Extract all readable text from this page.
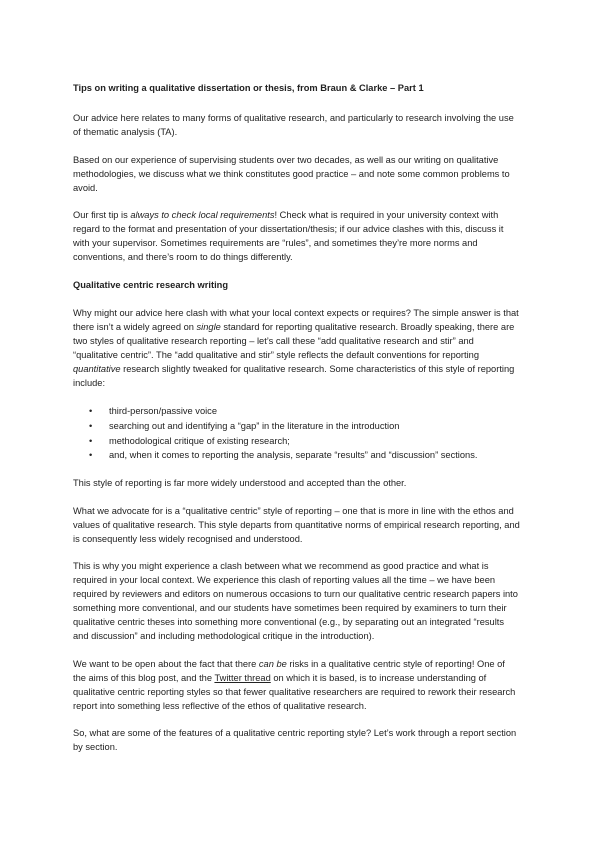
Tips on writing a qualitative dissertation or thesis, from Braun & Clarke – Part 1

Our advice here relates to many forms of qualitative research, and particularly to research involving the use of thematic analysis (TA).

Based on our experience of supervising students over two decades, as well as our writing on qualitative methodologies, we discuss what we think constitutes good practice – and note some common problems to avoid.

Our first tip is always to check local requirements! Check what is required in your university context with regard to the format and presentation of your dissertation/thesis; if our advice clashes with this, discuss it with your supervisor. Sometimes requirements are “rules”, and sometimes they’re more norms and conventions, and there’s room to do things differently.

Qualitative centric research writing

Why might our advice here clash with what your local context expects or requires? The simple answer is that there isn’t a widely agreed on single standard for reporting qualitative research. Broadly speaking, there are two styles of qualitative research reporting – let’s call these “add qualitative research and stir” and “qualitative centric”. The “add qualitative and stir” style reflects the default conventions for reporting quantitative research slightly tweaked for qualitative research. Some characteristics of this style of reporting include:

• third-person/passive voice
• searching out and identifying a “gap” in the literature in the introduction
• methodological critique of existing research;
• and, when it comes to reporting the analysis, separate “results” and “discussion” sections.

This style of reporting is far more widely understood and accepted than the other.

What we advocate for is a “qualitative centric” style of reporting – one that is more in line with the ethos and values of qualitative research. This style departs from quantitative norms of empirical research reporting, and is consequently less widely recognised and understood.

This is why you might experience a clash between what we recommend as good practice and what is required in your local context. We experience this clash of reporting values all the time – we have been required by reviewers and editors on numerous occasions to turn our qualitative centric research papers into something more conventional, and our students have sometimes been required by examiners to turn their qualitative centric theses into something more conventional (e.g., by separating out an integrated “results and discussion” and including methodological critique in the introduction).

We want to be open about the fact that there can be risks in a qualitative centric style of reporting! One of the aims of this blog post, and the Twitter thread on which it is based, is to increase understanding of qualitative centric reporting styles so that fewer qualitative researchers are required to rework their research report into something less reflective of the ethos of qualitative research.

So, what are some of the features of a qualitative centric reporting style? Let’s work through a report section by section.
